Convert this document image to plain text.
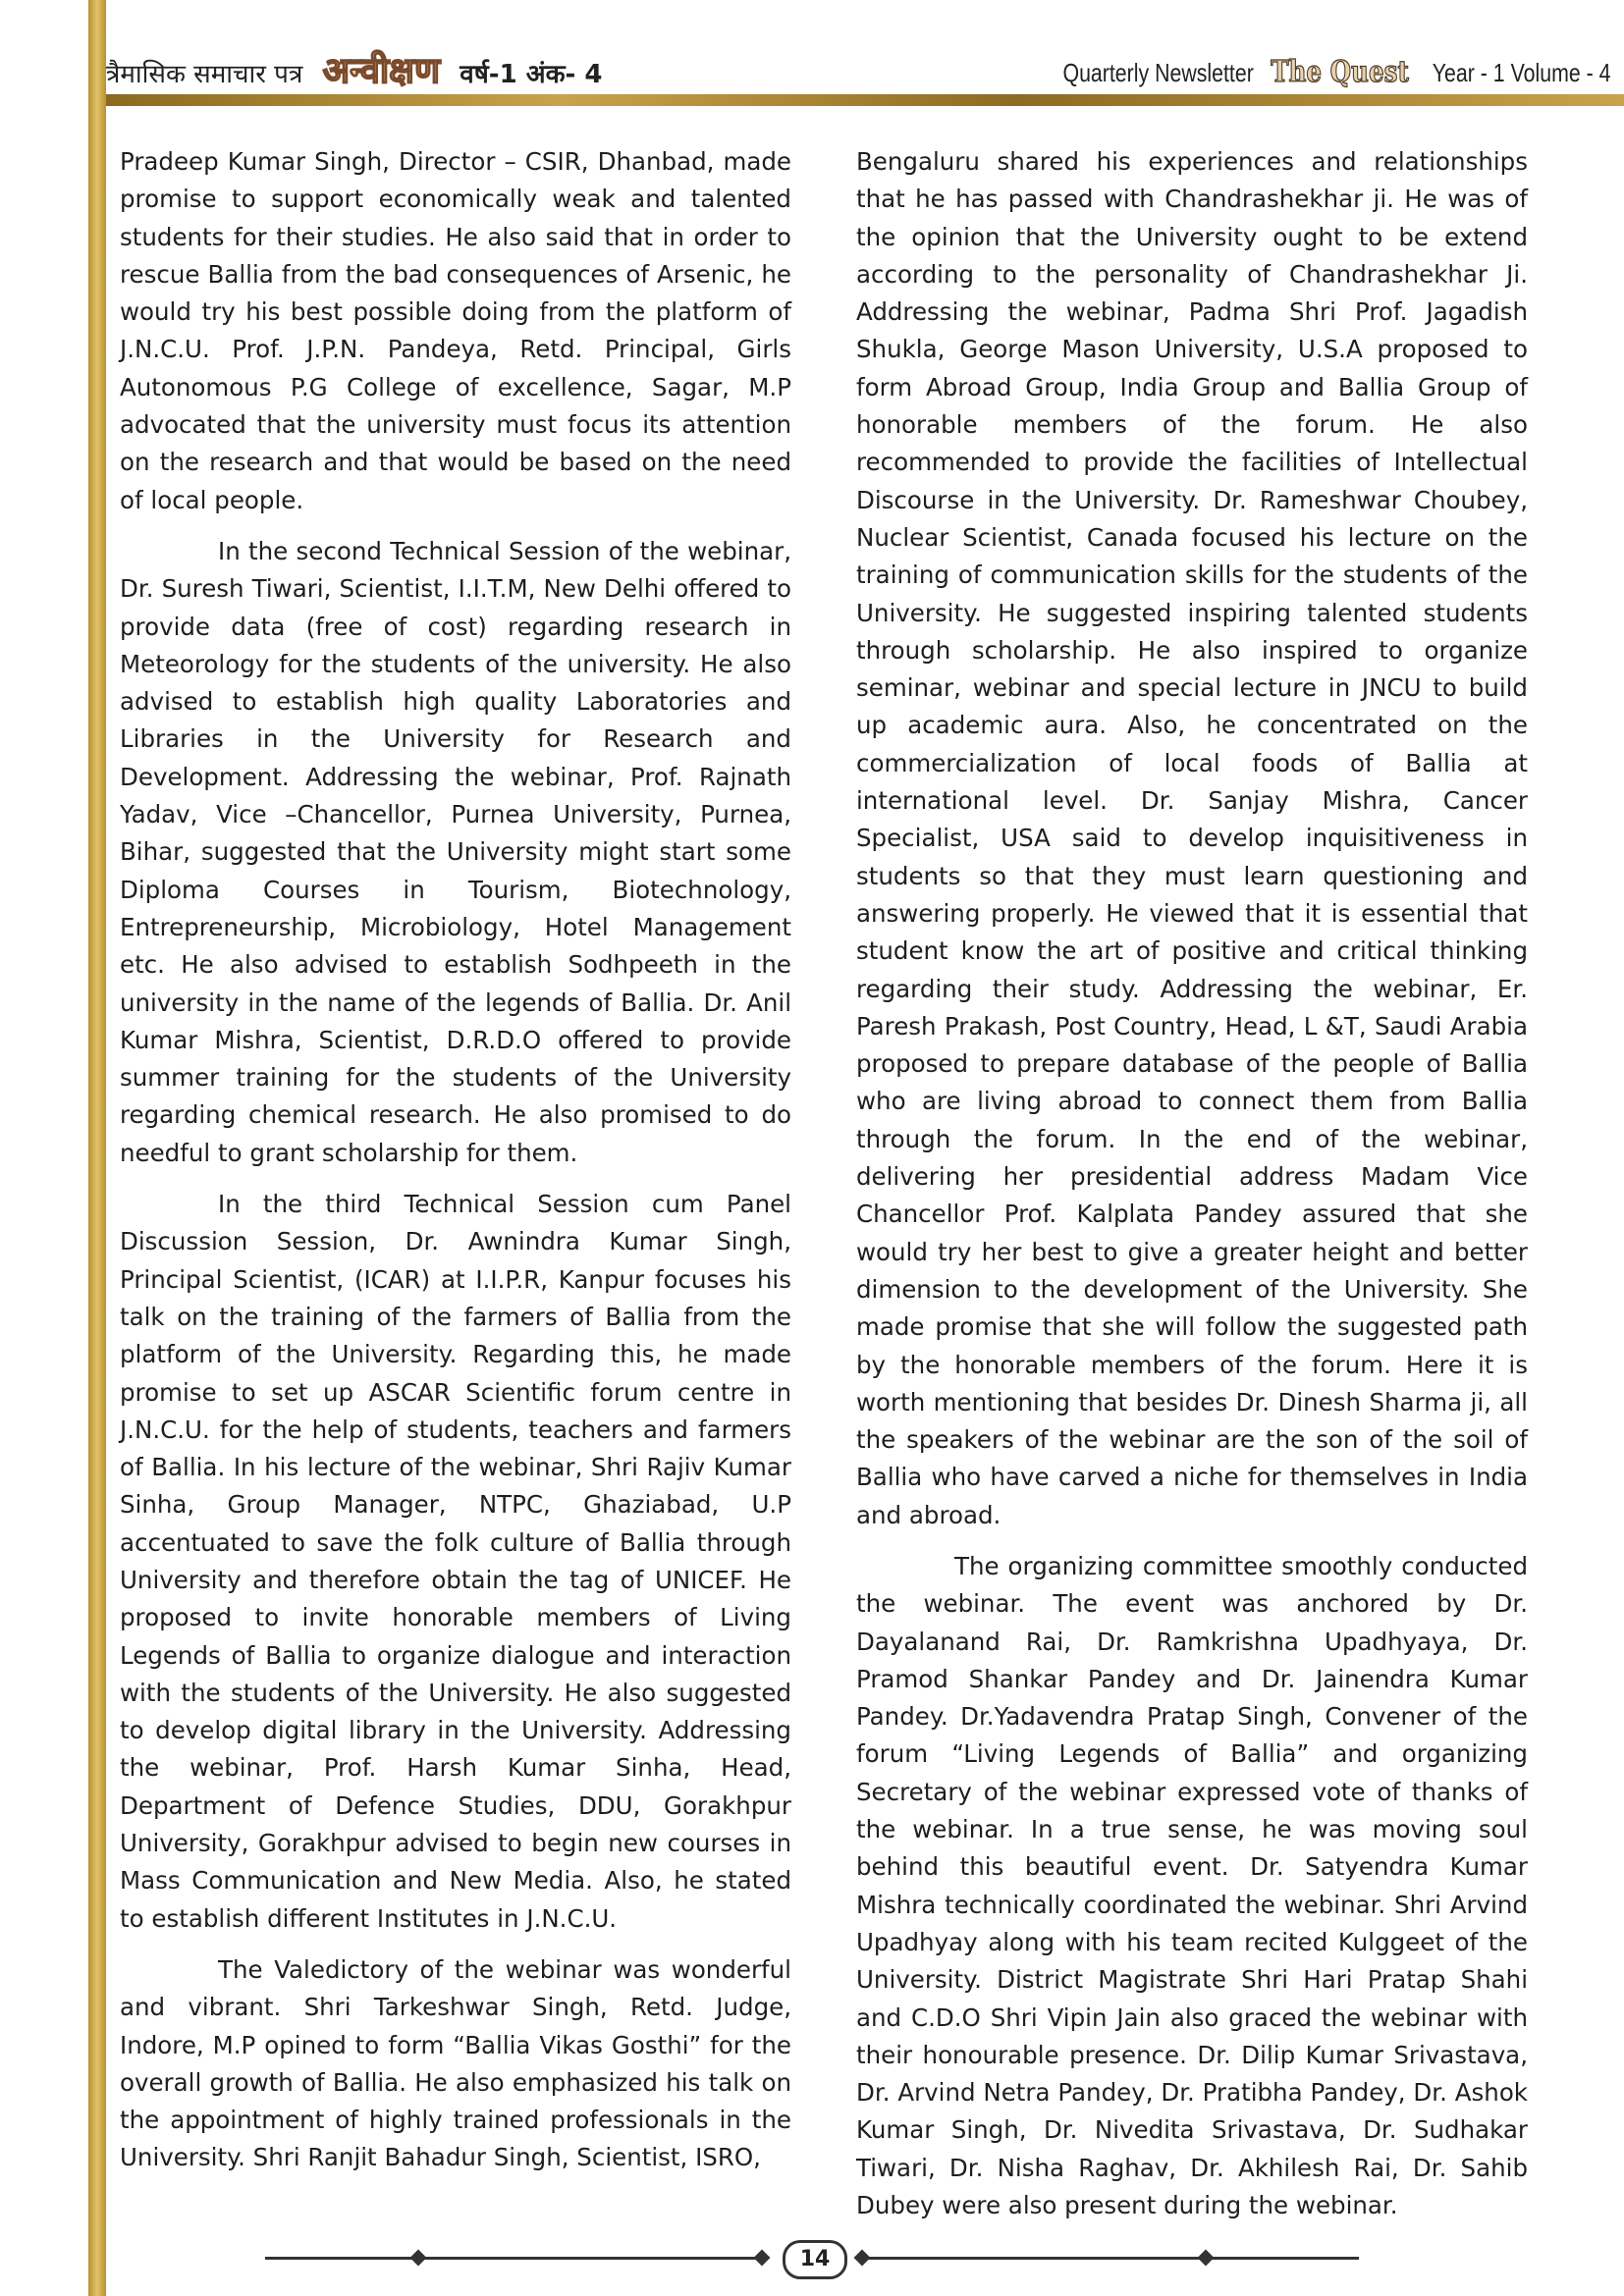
त्रैमासिक समाचार पत्र अन्वीक्षण वर्ष-1 अंक- 4	Quarterly Newsletter The Quest Year - 1 Volume - 4

Pradeep Kumar Singh, Director – CSIR, Dhanbad, made promise to support economically weak and talented students for their studies. He also said that in order to rescue Ballia from the bad consequences of Arsenic, he would try his best possible doing from the platform of J.N.C.U. Prof. J.P.N. Pandeya, Retd. Principal, Girls Autonomous P.G College of excellence, Sagar, M.P advocated that the university must focus its attention on the research and that would be based on the need of local people.

In the second Technical Session of the webinar, Dr. Suresh Tiwari, Scientist, I.I.T.M, New Delhi offered to provide data (free of cost) regarding research in Meteorology for the students of the university. He also advised to establish high quality Laboratories and Libraries in the University for Research and Development. Addressing the webinar, Prof. Rajnath Yadav, Vice –Chancellor, Purnea University, Purnea, Bihar, suggested that the University might start some Diploma Courses in Tourism, Biotechnology, Entrepreneurship, Microbiology, Hotel Management etc. He also advised to establish Sodhpeeth in the university in the name of the legends of Ballia. Dr. Anil Kumar Mishra, Scientist, D.R.D.O offered to provide summer training for the students of the University regarding chemical research. He also promised to do needful to grant scholarship for them.

In the third Technical Session cum Panel Discussion Session, Dr. Awnindra Kumar Singh, Principal Scientist, (ICAR) at I.I.P.R, Kanpur focuses his talk on the training of the farmers of Ballia from the platform of the University. Regarding this, he made promise to set up ASCAR Scientific forum centre in J.N.C.U. for the help of students, teachers and farmers of Ballia. In his lecture of the webinar, Shri Rajiv Kumar Sinha, Group Manager, NTPC, Ghaziabad, U.P accentuated to save the folk culture of Ballia through University and therefore obtain the tag of UNICEF. He proposed to invite honorable members of Living Legends of Ballia to organize dialogue and interaction with the students of the University. He also suggested to develop digital library in the University. Addressing the webinar, Prof. Harsh Kumar Sinha, Head, Department of Defence Studies, DDU, Gorakhpur University, Gorakhpur advised to begin new courses in Mass Communication and New Media. Also, he stated to establish different Institutes in J.N.C.U.

The Valedictory of the webinar was wonderful and vibrant. Shri Tarkeshwar Singh, Retd. Judge, Indore, M.P opined to form “Ballia Vikas Gosthi” for the overall growth of Ballia. He also emphasized his talk on the appointment of highly trained professionals in the University. Shri Ranjit Bahadur Singh, Scientist, ISRO,

Bengaluru shared his experiences and relationships that he has passed with Chandrashekhar ji. He was of the opinion that the University ought to be extend according to the personality of Chandrashekhar Ji. Addressing the webinar, Padma Shri Prof. Jagadish Shukla, George Mason University, U.S.A proposed to form Abroad Group, India Group and Ballia Group of honorable members of the forum. He also recommended to provide the facilities of Intellectual Discourse in the University. Dr. Rameshwar Choubey, Nuclear Scientist, Canada focused his lecture on the training of communication skills for the students of the University. He suggested inspiring talented students through scholarship. He also inspired to organize seminar, webinar and special lecture in JNCU to build up academic aura. Also, he concentrated on the commercialization of local foods of Ballia at international level. Dr. Sanjay Mishra, Cancer Specialist, USA said to develop inquisitiveness in students so that they must learn questioning and answering properly. He viewed that it is essential that student know the art of positive and critical thinking regarding their study. Addressing the webinar, Er. Paresh Prakash, Post Country, Head, L &T, Saudi Arabia proposed to prepare database of the people of Ballia who are living abroad to connect them from Ballia through the forum. In the end of the webinar, delivering her presidential address Madam Vice Chancellor Prof. Kalplata Pandey assured that she would try her best to give a greater height and better dimension to the development of the University. She made promise that she will follow the suggested path by the honorable members of the forum. Here it is worth mentioning that besides Dr. Dinesh Sharma ji, all the speakers of the webinar are the son of the soil of Ballia who have carved a niche for themselves in India and abroad.

The organizing committee smoothly conducted the webinar. The event was anchored by Dr. Dayalanand Rai, Dr. Ramkrishna Upadhyaya, Dr. Pramod Shankar Pandey and Dr. Jainendra Kumar Pandey. Dr.Yadavendra Pratap Singh, Convener of the forum “Living Legends of Ballia” and organizing Secretary of the webinar expressed vote of thanks of the webinar. In a true sense, he was moving soul behind this beautiful event. Dr. Satyendra Kumar Mishra technically coordinated the webinar. Shri Arvind Upadhyay along with his team recited Kulggeet of the University. District Magistrate Shri Hari Pratap Shahi and C.D.O Shri Vipin Jain also graced the webinar with their honourable presence. Dr. Dilip Kumar Srivastava, Dr. Arvind Netra Pandey, Dr. Pratibha Pandey, Dr. Ashok Kumar Singh, Dr. Nivedita Srivastava, Dr. Sudhakar Tiwari, Dr. Nisha Raghav, Dr. Akhilesh Rai, Dr. Sahib Dubey were also present during the webinar.

14
